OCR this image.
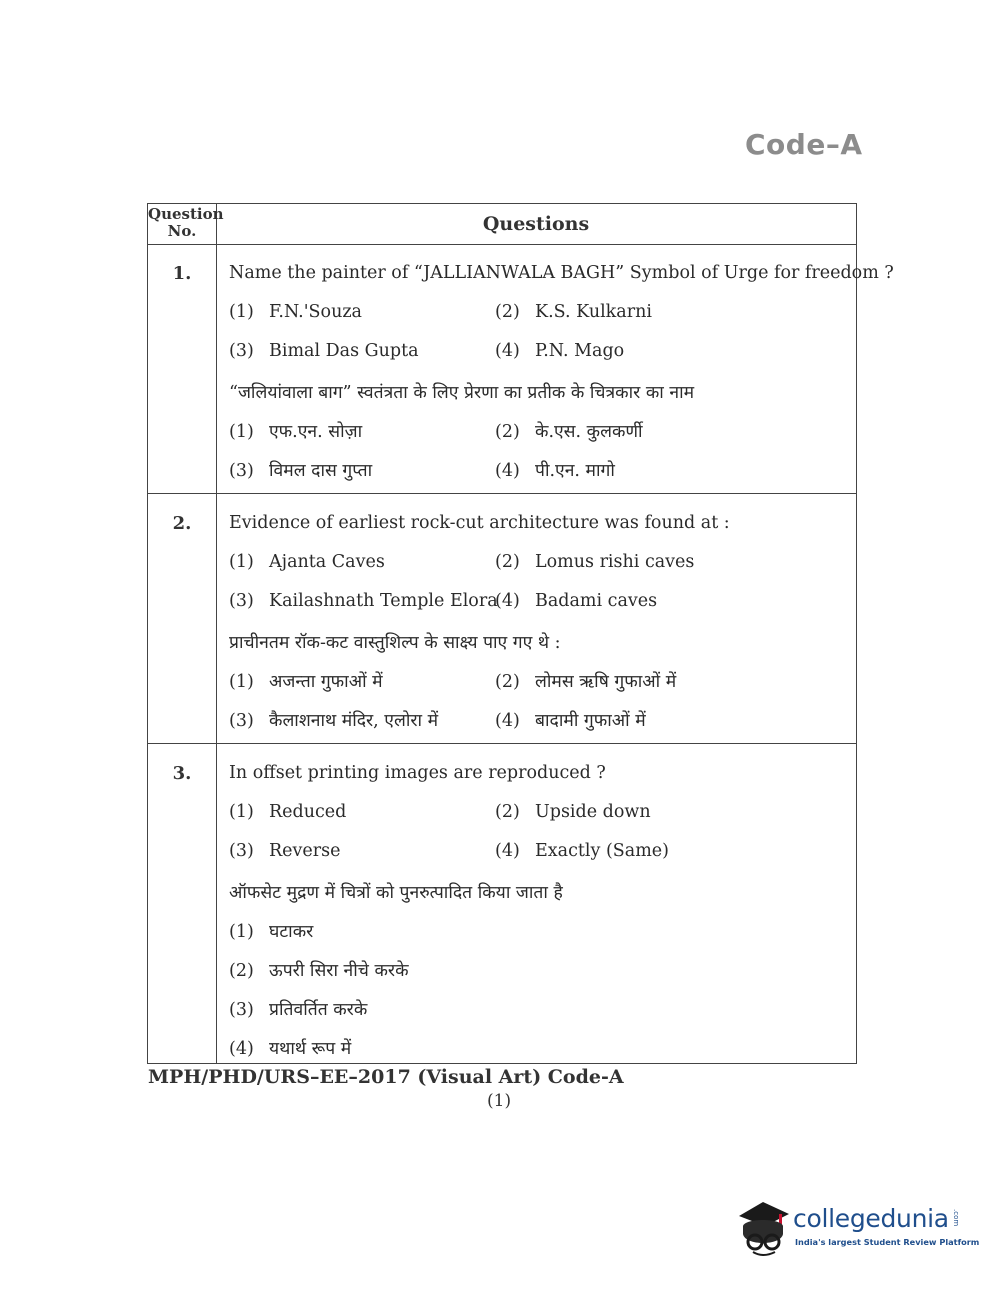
Code–A
Question
No.	Questions
1.	Name the painter of “JALLIANWALA BAGH” Symbol of Urge for freedom ?
(1) F.N.'Souza	(2) K.S. Kulkarni
(3) Bimal Das Gupta	(4) P.N. Mago
“जलियांवाला बाग” स्वतंत्रता के लिए प्रेरणा का प्रतीक के चित्रकार का नाम
(1) एफ.एन. सोज़ा	(2) के.एस. कुलकर्णी
(3) विमल दास गुप्ता	(4) पी.एन. मागो
2.	Evidence of earliest rock-cut architecture was found at :
(1) Ajanta Caves	(2) Lomus rishi caves
(3) Kailashnath Temple Elora
(4) Badami caves
प्राचीनतम रॉक-कट वास्तुशिल्प के साक्ष्य पाए गए थे :
(1) अजन्ता गुफाओं में	(2) लोमस ऋषि गुफाओं में
(3) कैलाशनाथ मंदिर, एलोरा में	(4) बादामी गुफाओं में
3.	In offset printing images are reproduced ?
(1) Reduced	(2) Upside down
(3) Reverse	(4) Exactly (Same)
ऑफसेट मुद्रण में चित्रों को पुनरुत्पादित किया जाता है
(1) घटाकर
(2) ऊपरी सिरा नीचे करके
(3) प्रतिवर्तित करके
(4) यथार्थ रूप में
MPH/PHD/URS–EE–2017 (Visual Art) Code-A
(1)
collegedunia .com
India's largest Student Review Platform
